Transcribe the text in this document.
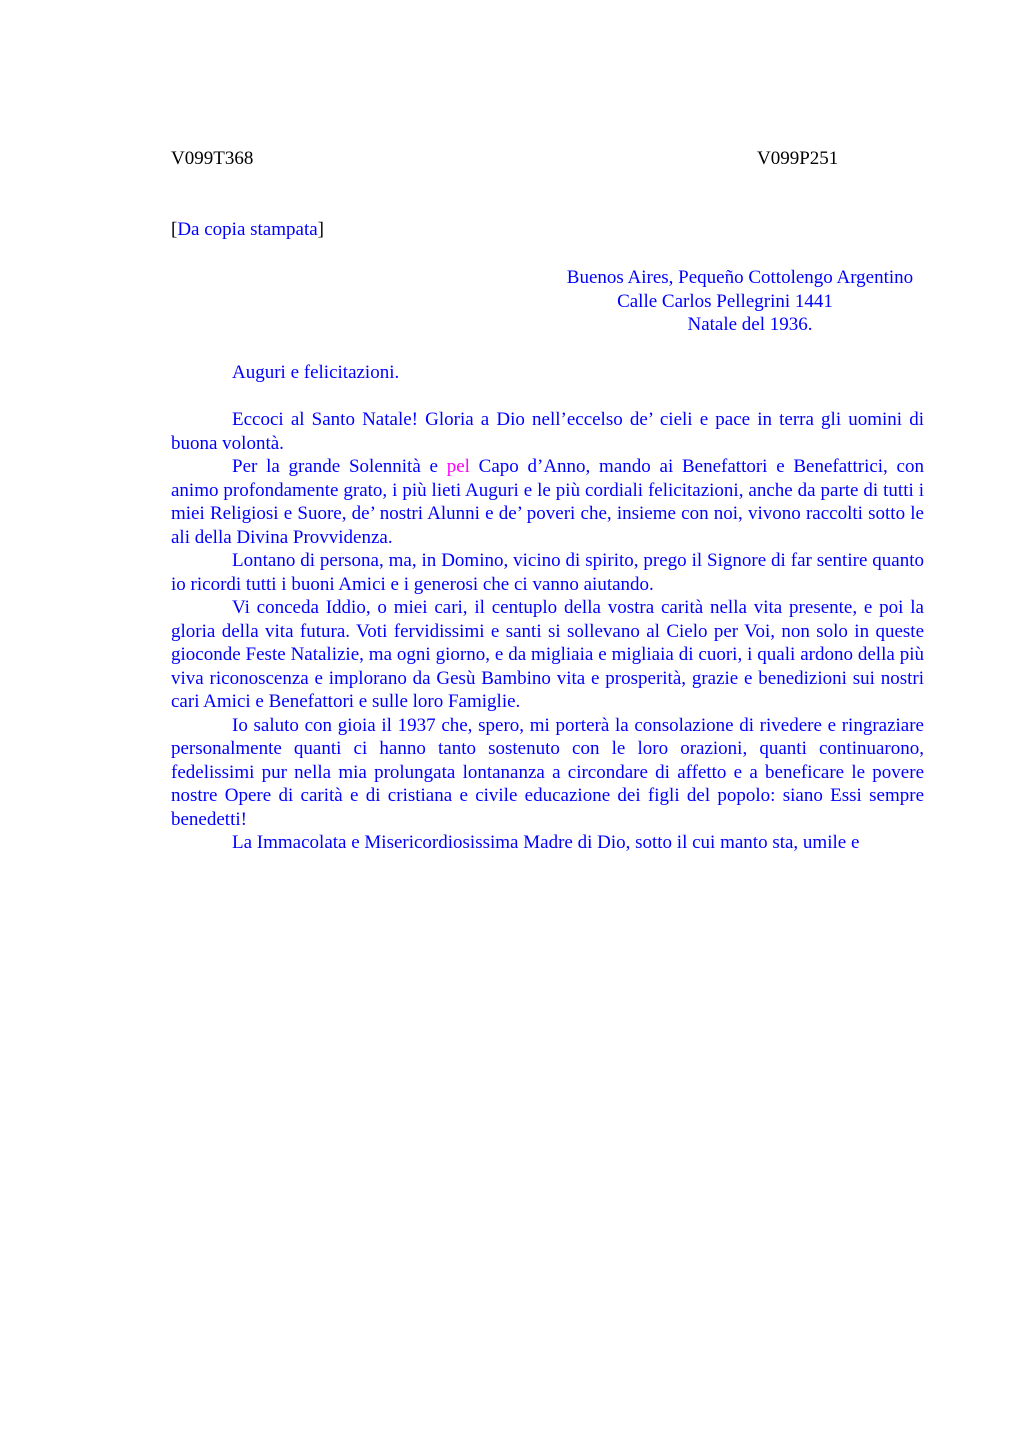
V099T368	V099P251
[Da copia stampata]
Buenos Aires, Pequeño Cottolengo Argentino
Calle Carlos Pellegrini 1441
Natale del 1936.

Auguri e felicitazioni.

Eccoci al Santo Natale! Gloria a Dio nell’eccelso de’ cieli e pace in terra gli uomini di buona volontà.

Per la grande Solennità e pel Capo d’Anno, mando ai Benefattori e Benefattrici, con animo profondamente grato, i più lieti Auguri e le più cordiali felicitazioni, anche da parte di tutti i miei Religiosi e Suore, de’ nostri Alunni e de’ poveri che, insieme con noi, vivono raccolti sotto le ali della Divina Provvidenza.

Lontano di persona, ma, in Domino, vicino di spirito, prego il Signore di far sentire quanto io ricordi tutti i buoni Amici e i generosi che ci vanno aiutando.

Vi conceda Iddio, o miei cari, il centuplo della vostra carità nella vita presente, e poi la gloria della vita futura. Voti fervidissimi e santi si sollevano al Cielo per Voi, non solo in queste gioconde Feste Natalizie, ma ogni giorno, e da migliaia e migliaia di cuori, i quali ardono della più viva riconoscenza e implorano da Gesù Bambino vita e prosperità, grazie e benedizioni sui nostri cari Amici e Benefattori e sulle loro Famiglie.

Io saluto con gioia il 1937 che, spero, mi porterà la consolazione di rivedere e ringraziare personalmente quanti ci hanno tanto sostenuto con le loro orazioni, quanti continuarono, fedelissimi pur nella mia prolungata lontananza a circondare di affetto e a beneficare le povere nostre Opere di carità e di cristiana e civile educazione dei figli del popolo: siano Essi sempre benedetti!

La Immacolata e Misericordiosissima Madre di Dio, sotto il cui manto sta, umile e
